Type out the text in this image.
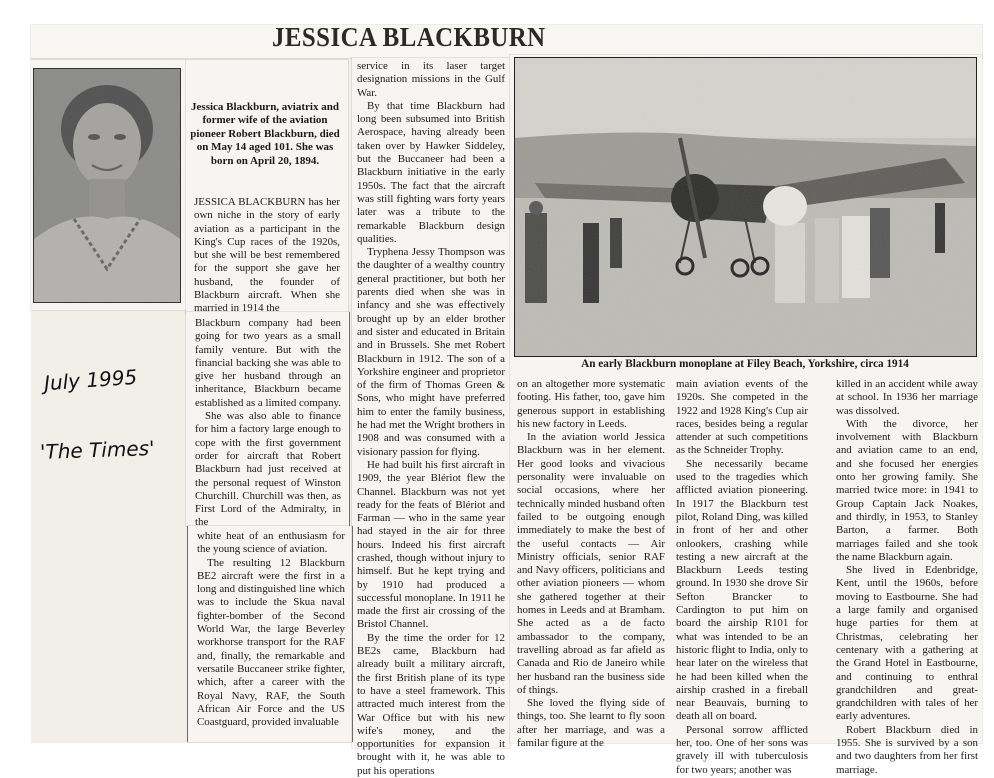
JESSICA BLACKBURN
Jessica Blackburn, aviatrix and former wife of the aviation pioneer Robert Blackburn, died on May 14 aged 101. She was born on April 20, 1894.

JESSICA BLACKBURN has her own niche in the story of early aviation as a participant in the King's Cup races of the 1920s, but she will be best remembered for the support she gave her husband, the founder of Blackburn aircraft. When she married in 1914 the

Blackburn company had been going for two years as a small family venture. But with the financial backing she was able to give her husband through an inheritance, Blackburn became established as a limited company.

She was also able to finance for him a factory large enough to cope with the first government order for aircraft that Robert Blackburn had just received at the personal request of Winston Churchill. Churchill was then, as First Lord of the Admiralty, in the

white heat of an enthusiasm for the young science of aviation.

The resulting 12 Blackburn BE2 aircraft were the first in a long and distinguished line which was to include the Skua naval fighter-bomber of the Second World War, the large Beverley workhorse transport for the RAF and, finally, the remarkable and versatile Buccaneer strike fighter, which, after a career with the Royal Navy, RAF, the South African Air Force and the US Coastguard, provided invaluable

service in its laser target designation missions in the Gulf War.

By that time Blackburn had long been subsumed into British Aerospace, having already been taken over by Hawker Siddeley, but the Buccaneer had been a Blackburn initiative in the early 1950s. The fact that the aircraft was still fighting wars forty years later was a tribute to the remarkable Blackburn design qualities.

Tryphena Jessy Thompson was the daughter of a wealthy country general practitioner, but both her parents died when she was in infancy and she was effectively brought up by an elder brother and sister and educated in Britain and in Brussels. She met Robert Blackburn in 1912. The son of a Yorkshire engineer and proprietor of the firm of Thomas Green & Sons, who might have preferred him to enter the family business, he had met the Wright brothers in 1908 and was consumed with a visionary passion for flying.

He had built his first aircraft in 1909, the year Blériot flew the Channel. Blackburn was not yet ready for the feats of Blériot and Farman — who in the same year had stayed in the air for three hours. Indeed his first aircraft crashed, though without injury to himself. But he kept trying and by 1910 had produced a successful monoplane. In 1911 he made the first air crossing of the Bristol Channel.

By the time the order for 12 BE2s came, Blackburn had already built a military aircraft, the first British plane of its type to have a steel framework. This attracted much interest from the War Office but with his new wife's money, and the opportunities for expansion it brought with it, he was able to put his operations

An early Blackburn monoplane at Filey Beach, Yorkshire, circa 1914

on an altogether more systematic footing. His father, too, gave him generous support in establishing his new factory in Leeds.

In the aviation world Jessica Blackburn was in her element. Her good looks and vivacious personality were invaluable on social occasions, where her technically minded husband often failed to be outgoing enough immediately to make the best of the useful contacts — Air Ministry officials, senior RAF and Navy officers, politicians and other aviation pioneers — whom she gathered together at their homes in Leeds and at Bramham. She acted as a de facto ambassador to the company, travelling abroad as far afield as Canada and Rio de Janeiro while her husband ran the business side of things.

She loved the flying side of things, too. She learnt to fly soon after her marriage, and was a familar figure at the

main aviation events of the 1920s. She competed in the 1922 and 1928 King's Cup air races, besides being a regular attender at such competitions as the Schneider Trophy.

She necessarily became used to the tragedies which afflicted aviation pioneering. In 1917 the Blackburn test pilot, Roland Ding, was killed in front of her and other onlookers, crashing while testing a new aircraft at the Blackburn Leeds testing ground. In 1930 she drove Sir Sefton Brancker to Cardington to put him on board the airship R101 for what was intended to be an historic flight to India, only to hear later on the wireless that he had been killed when the airship crashed in a fireball near Beauvais, burning to death all on board.

Personal sorrow afflicted her, too. One of her sons was gravely ill with tuberculosis for two years; another was

killed in an accident while away at school. In 1936 her marriage was dissolved.

With the divorce, her involvement with Blackburn and aviation came to an end, and she focused her energies onto her growing family. She married twice more: in 1941 to Group Captain Jack Noakes, and thirdly, in 1953, to Stanley Barton, a farmer. Both marriages failed and she took the name Blackburn again.

She lived in Edenbridge, Kent, until the 1960s, before moving to Eastbourne. She had a large family and organised huge parties for them at Christmas, celebrating her centenary with a gathering at the Grand Hotel in Eastbourne, and continuing to enthral grandchildren and great-grandchildren with tales of her early adventures.

Robert Blackburn died in 1955. She is survived by a son and two daughters from her first marriage.

July 1995
'The Times'
